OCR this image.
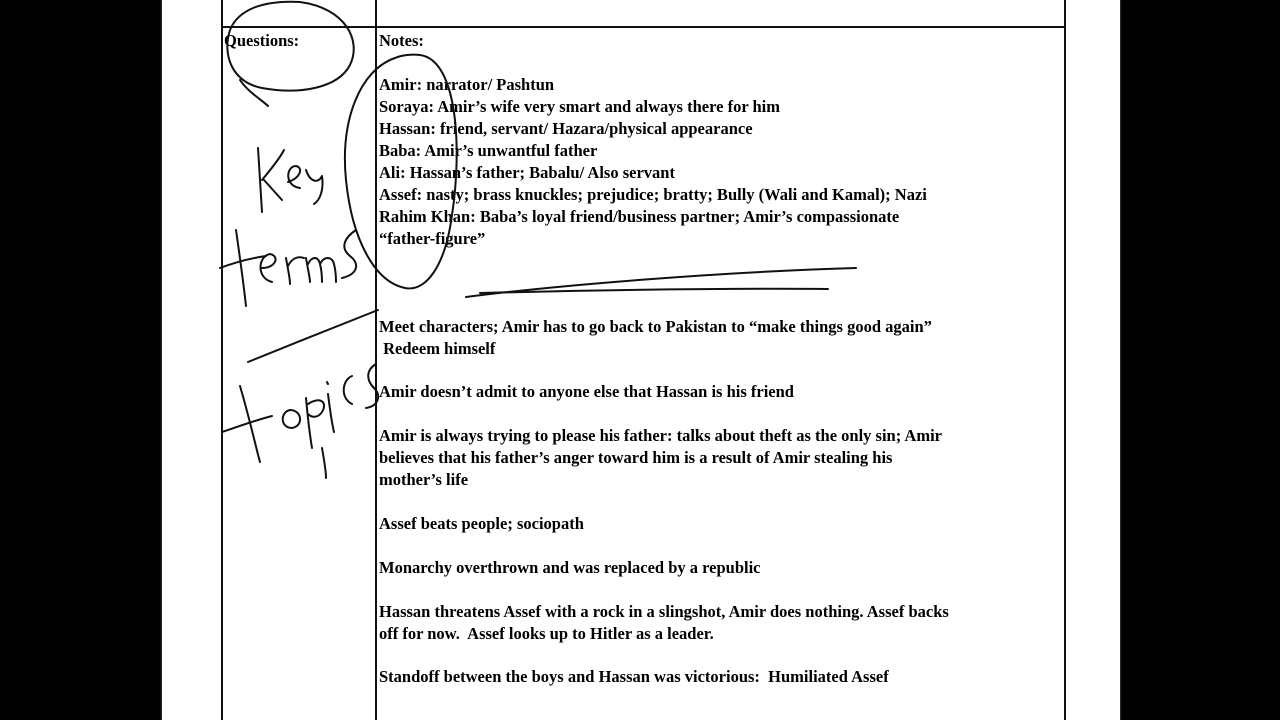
Questions:	Notes:
Amir: narrator/ Pashtun
Soraya: Amir’s wife very smart and always there for him
Hassan: friend, servant/ Hazara/physical appearance
Baba: Amir’s unwantful father
Ali: Hassan’s father; Babalu/ Also servant
Assef: nasty; brass knuckles; prejudice; bratty; Bully (Wali and Kamal); Nazi
Rahim Khan: Baba’s loyal friend/business partner; Amir’s compassionate
“father-figure”
Meet characters; Amir has to go back to Pakistan to “make things good again”
Redeem himself
Amir doesn’t admit to anyone else that Hassan is his friend
Amir is always trying to please his father: talks about theft as the only sin; Amir
believes that his father’s anger toward him is a result of Amir stealing his
mother’s life
Assef beats people; sociopath
Monarchy overthrown and was replaced by a republic
Hassan threatens Assef with a rock in a slingshot, Amir does nothing. Assef backs
off for now.  Assef looks up to Hitler as a leader.
Standoff between the boys and Hassan was victorious:  Humiliated Assef
